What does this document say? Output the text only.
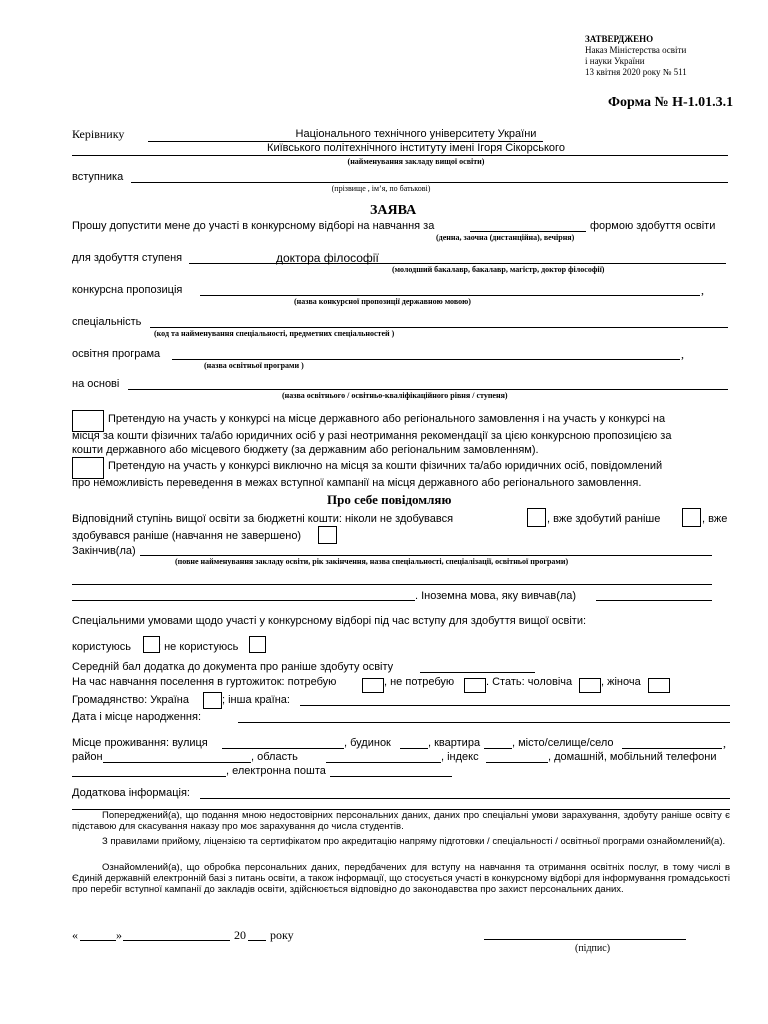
ЗАТВЕРДЖЕНО
Наказ Міністерства освіти
і науки України
13 квітня 2020 року № 511
Форма № Н-1.01.3.1
Керівнику	Національного технічного університету України
Київського політехнічного інституту імені Ігоря Сікорського
(найменування закладу вищої освіти)
вступника
(прізвище , ім’я, по батькові)
ЗАЯВА
Прошу допустити мене до участі в конкурсному відборі на навчання за	формою здобуття освіти
(денна, заочна (дистанційна), вечірня)
для здобуття ступеня	доктора філософії
(молодший бакалавр, бакалавр, магістр, доктор філософії)
конкурсна пропозиція	,
(назва конкурсної пропозиції державною мовою)
спеціальність
(код та найменування спеціальності, предметних спеціальностей )
освітня програма	,
(назва освітньої програми )
на основі
(назва освітнього / освітньо-кваліфікаційного рівня / ступеня)
Претендую на участь у конкурсі на місце державного або регіонального замовлення і на участь у конкурсі на
місця за кошти фізичних та/або юридичних осіб у разі неотримання рекомендації за цією конкурсною пропозицією за
кошти державного або місцевого бюджету (за державним або регіональним замовленням).
Претендую на участь у конкурсі виключно на місця за кошти фізичних та/або юридичних осіб, повідомлений
про неможливість переведення в межах вступної кампанії на місця державного або регіонального замовлення.
Про себе повідомляю
Відповідний ступінь вищої освіти за бюджетні кошти: ніколи не здобувався	, вже здобутий раніше	, вже
здобувався раніше (навчання не завершено)
Закінчив(ла)
(повне найменування закладу освіти, рік закінчення, назва спеціальності, спеціалізації, освітньої програми)
. Іноземна мова, яку вивчав(ла)
Спеціальними умовами щодо участі у конкурсному відборі під час вступу для здобуття вищої освіти:
користуюсь ; не користуюсь
Середній бал додатка до документа про раніше здобуту освіту
На час навчання поселення в гуртожиток: потребую	, не потребую	. Стать: чоловіча	, жіноча
Громадянство: Україна	; інша країна:
Дата і місце народження:
Місце проживання: вулиця	, будинок	, квартира	, місто/селище/село	,
район	, область	, індекс	, домашній, мобільний телефони
, електронна пошта
Додаткова інформація:
Попереджений(а), що подання мною недостовірних персональних даних, даних про спеціальні умови зарахування, здобуту раніше освіту є підставою для скасування наказу про моє зарахування до числа студентів.
З правилами прийому, ліцензією та сертифікатом про акредитацію напряму підготовки / спеціальності / освітньої програми ознайомлений(а).
Ознайомлений(а), що обробка персональних даних, передбачених для вступу на навчання та отримання освітніх послуг, в тому числі в Єдиній державній електронній базі з питань освіти, а також інформації, що стосується участі в конкурсному відборі для інформування громадськості про перебіг вступної кампанії до закладів освіти, здійснюється відповідно до законодавства про захист персональних даних.
«	»	20 року
(підпис)
